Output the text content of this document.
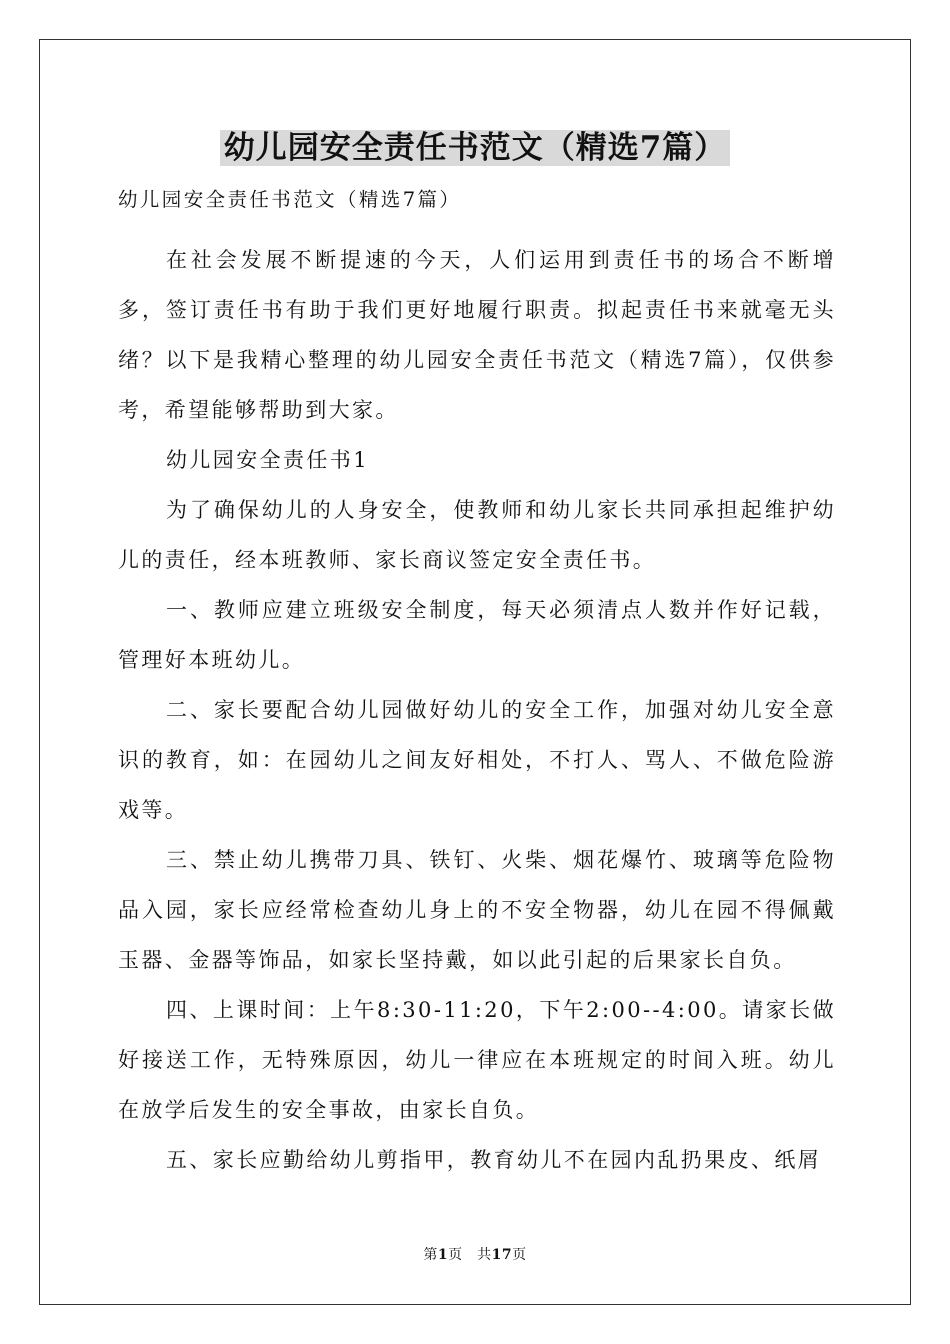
幼儿园安全责任书范文（精选7篇）

幼儿园安全责任书范文（精选7篇）

在社会发展不断提速的今天，人们运用到责任书的场合不断增多，签订责任书有助于我们更好地履行职责。拟起责任书来就毫无头绪？以下是我精心整理的幼儿园安全责任书范文（精选7篇），仅供参考，希望能够帮助到大家。

幼儿园安全责任书1

为了确保幼儿的人身安全，使教师和幼儿家长共同承担起维护幼儿的责任，经本班教师、家长商议签定安全责任书。

一、教师应建立班级安全制度，每天必须清点人数并作好记载，管理好本班幼儿。

二、家长要配合幼儿园做好幼儿的安全工作，加强对幼儿安全意识的教育，如：在园幼儿之间友好相处，不打人、骂人、不做危险游戏等。

三、禁止幼儿携带刀具、铁钉、火柴、烟花爆竹、玻璃等危险物品入园，家长应经常检查幼儿身上的不安全物器，幼儿在园不得佩戴玉器、金器等饰品，如家长坚持戴，如以此引起的后果家长自负。

四、上课时间：上午8:30-11:20，下午2:00--4:00。请家长做好接送工作，无特殊原因，幼儿一律应在本班规定的时间入班。幼儿在放学后发生的安全事故，由家长自负。

五、家长应勤给幼儿剪指甲，教育幼儿不在园内乱扔果皮、纸屑

第1页　共17页
